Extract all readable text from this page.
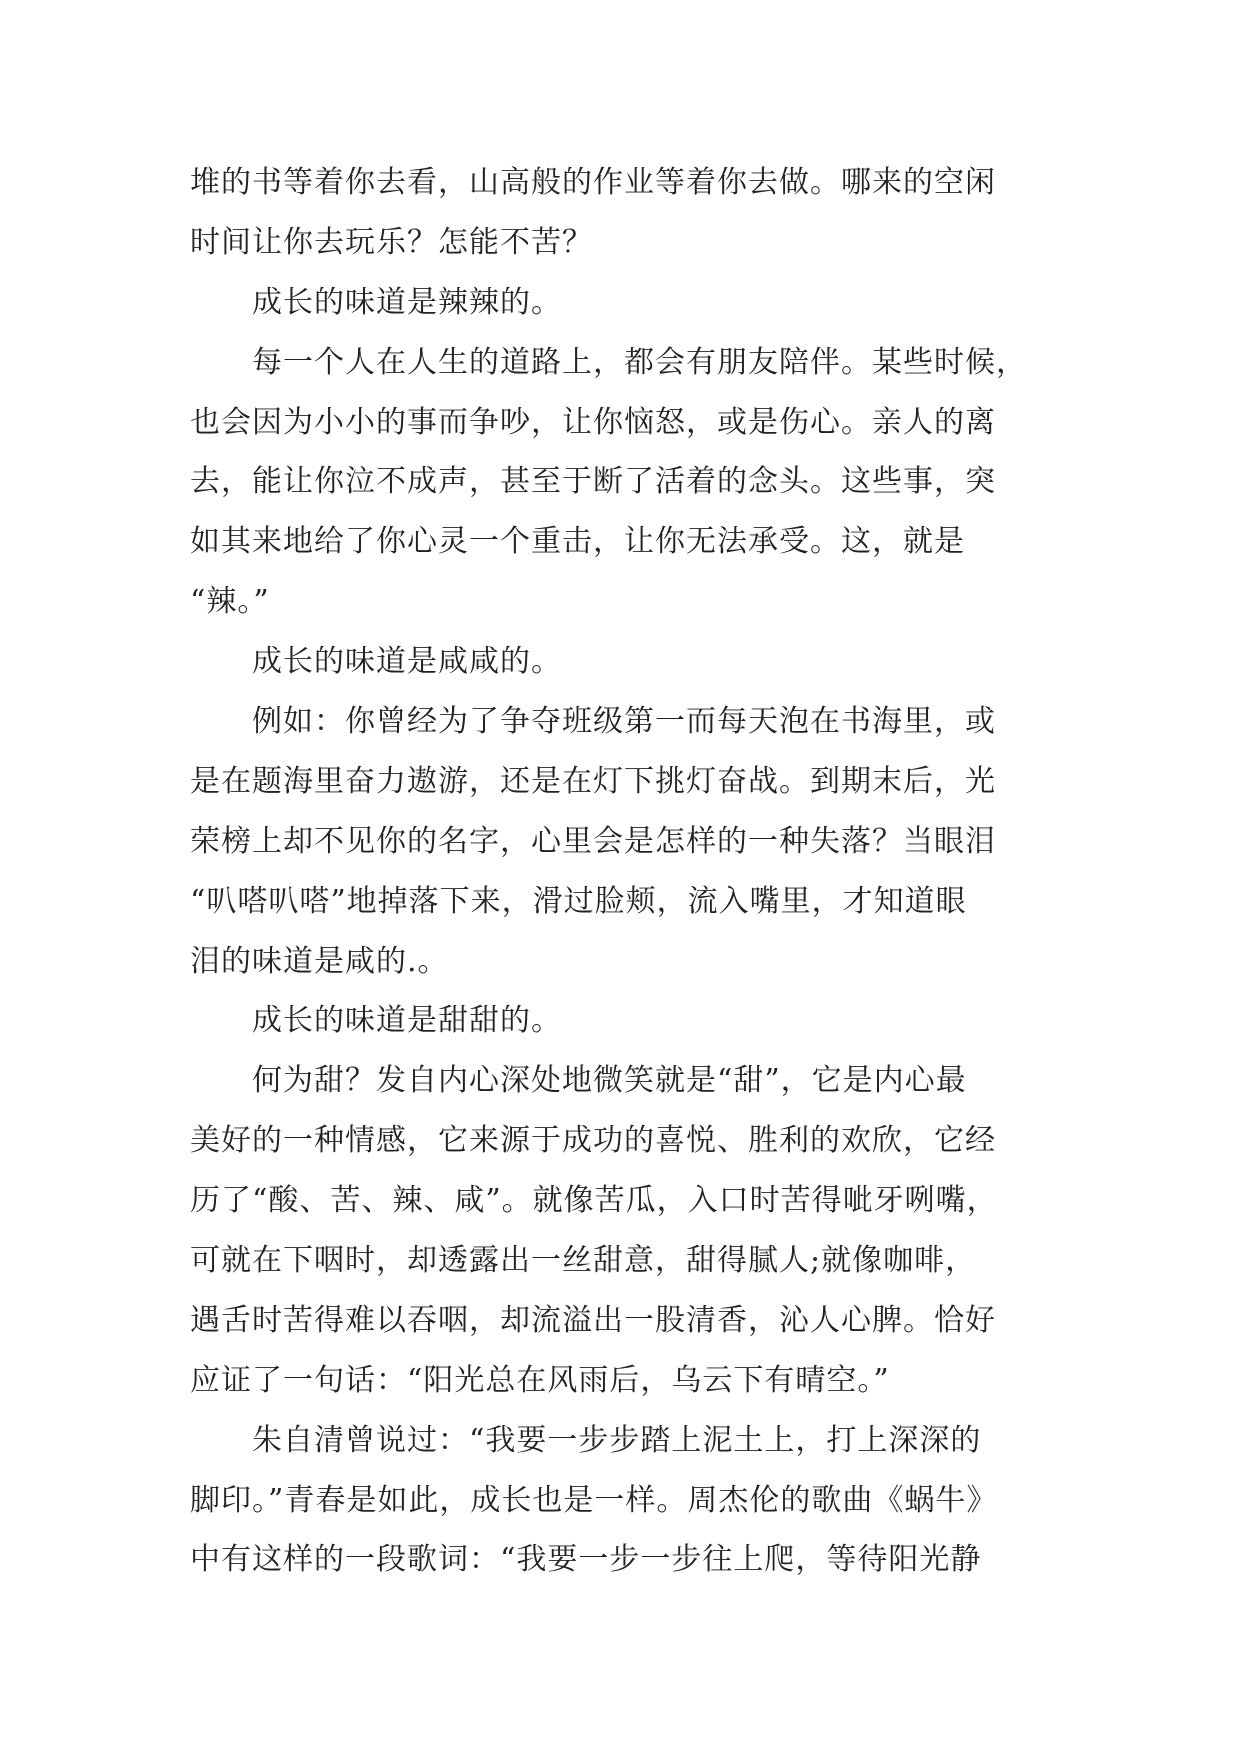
堆的书等着你去看，山高般的作业等着你去做。哪来的空闲
时间让你去玩乐？怎能不苦？
成长的味道是辣辣的。
每一个人在人生的道路上，都会有朋友陪伴。某些时候，
也会因为小小的事而争吵，让你恼怒，或是伤心。亲人的离
去，能让你泣不成声，甚至于断了活着的念头。这些事，突
如其来地给了你心灵一个重击，让你无法承受。这，就是
“辣。”
成长的味道是咸咸的。
例如：你曾经为了争夺班级第一而每天泡在书海里，或
是在题海里奋力遨游，还是在灯下挑灯奋战。到期末后，光
荣榜上却不见你的名字，心里会是怎样的一种失落？当眼泪
“叭嗒叭嗒”地掉落下来，滑过脸颊，流入嘴里，才知道眼
泪的味道是咸的.。
成长的味道是甜甜的。
何为甜？发自内心深处地微笑就是“甜”，它是内心最
美好的一种情感，它来源于成功的喜悦、胜利的欢欣，它经
历了“酸、苦、辣、咸”。就像苦瓜，入口时苦得呲牙咧嘴，
可就在下咽时，却透露出一丝甜意，甜得腻人;就像咖啡，
遇舌时苦得难以吞咽，却流溢出一股清香，沁人心脾。恰好
应证了一句话：“阳光总在风雨后，乌云下有晴空。”
朱自清曾说过：“我要一步步踏上泥土上，打上深深的
脚印。”青春是如此，成长也是一样。周杰伦的歌曲《蜗牛》
中有这样的一段歌词：“我要一步一步往上爬，等待阳光静
